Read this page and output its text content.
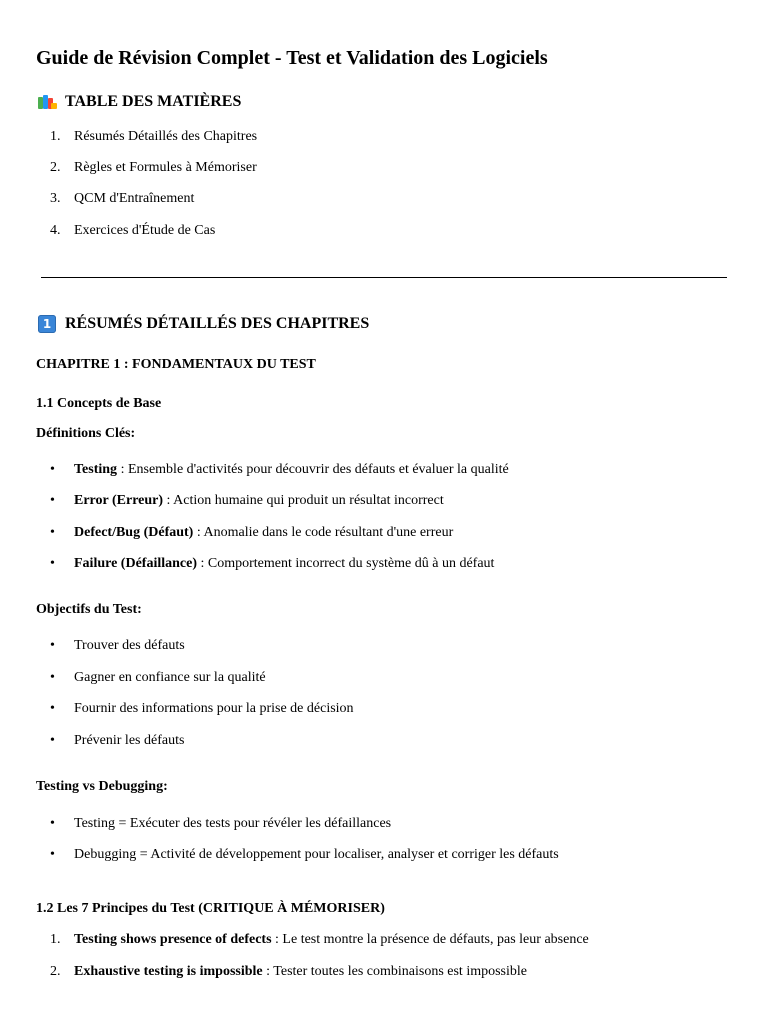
Guide de Révision Complet - Test et Validation des Logiciels
TABLE DES MATIÈRES
1. Résumés Détaillés des Chapitres
2. Règles et Formules à Mémoriser
3. QCM d'Entraînement
4. Exercices d'Étude de Cas
1 RÉSUMÉS DÉTAILLÉS DES CHAPITRES
CHAPITRE 1 : FONDAMENTAUX DU TEST
1.1 Concepts de Base
Définitions Clés:
• Testing : Ensemble d'activités pour découvrir des défauts et évaluer la qualité
• Error (Erreur) : Action humaine qui produit un résultat incorrect
• Defect/Bug (Défaut) : Anomalie dans le code résultant d'une erreur
• Failure (Défaillance) : Comportement incorrect du système dû à un défaut
Objectifs du Test:
• Trouver des défauts
• Gagner en confiance sur la qualité
• Fournir des informations pour la prise de décision
• Prévenir les défauts
Testing vs Debugging:
• Testing = Exécuter des tests pour révéler les défaillances
• Debugging = Activité de développement pour localiser, analyser et corriger les défauts
1.2 Les 7 Principes du Test (CRITIQUE À MÉMORISER)
1. Testing shows presence of defects : Le test montre la présence de défauts, pas leur absence
2. Exhaustive testing is impossible : Tester toutes les combinaisons est impossible
